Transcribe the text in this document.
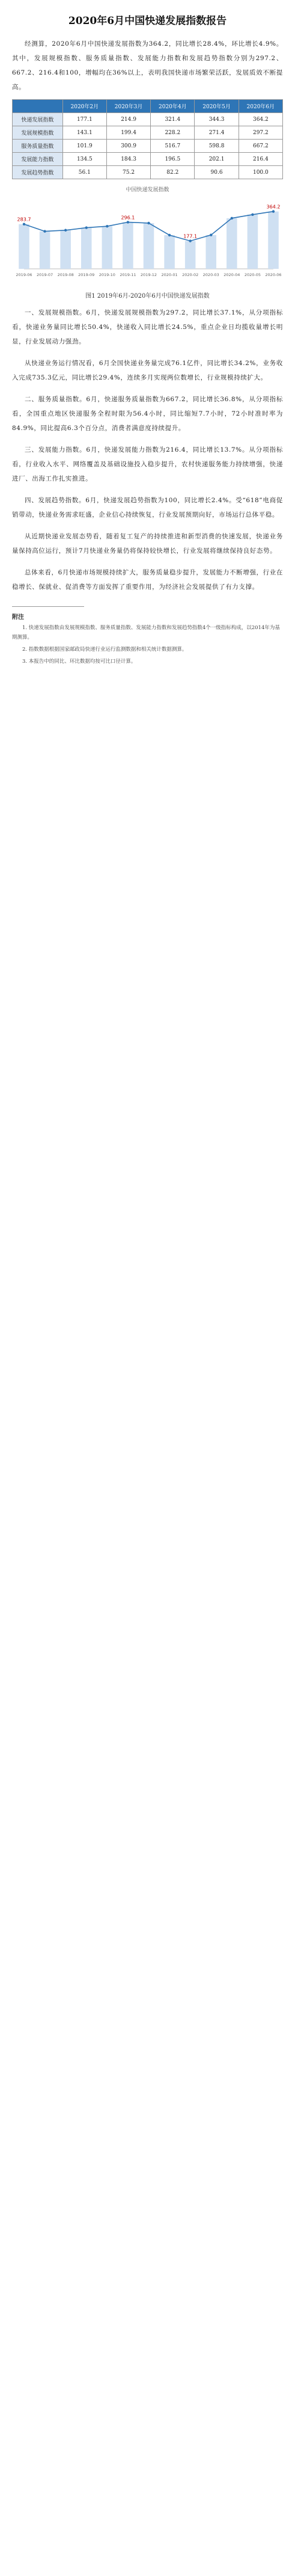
2020年6月中国快递发展指数报告

经测算，2020年6月中国快递发展指数为364.2，同比增长28.4%，环比增长4.9%。其中，发展规模指数、服务质量指数、发展能力指数和发展趋势指数分别为297.2、667.2、216.4和100，增幅均在36%以上，表明我国快递市场繁荣活跃，发展质效不断提高。

	2020年2月	2020年3月	2020年4月	2020年5月	2020年6月
快递发展指数	177.1	214.9	321.4	344.3	364.2
发展规模指数	143.1	199.4	228.2	271.4	297.2
服务质量指数	101.9	300.9	516.7	598.8	667.2
发展能力指数	134.5	184.3	196.5	202.1	216.4
发展趋势指数	56.1	75.2	82.2	90.6	100.0
中国快递发展指数
283.7	296.1
177.1
364.2
2019-06 2019-07 2019-08 2019-09 2019-10 2019-11 2019-12 2020-01 2020-02 2020-03 2020-04 2020-05 2020-06
图1 2019年6月-2020年6月中国快递发展指数

一、发展规模指数。6月，快递发展规模指数为297.2，同比增长37.1%，从分项指标看，快递业务量同比增长50.4%，快递收入同比增长24.5%，重点企业日均揽收量增长明显，行业发展动力强劲。

从快递业务运行情况看，6月全国快递业务量完成76.1亿件，同比增长34.2%，业务收入完成735.3亿元，同比增长29.4%，连续多月实现两位数增长，行业规模持续扩大。

二、服务质量指数。6月，快递服务质量指数为667.2，同比增长36.8%，从分项指标看，全国重点地区快递服务全程时限为56.4小时，同比缩短7.7小时，72小时准时率为84.9%，同比提高6.3个百分点，消费者满意度持续提升。

三、发展能力指数。6月，快递发展能力指数为216.4，同比增长13.7%。从分项指标看，行业收入水平、网络覆盖及基础设施投入稳步提升，农村快递服务能力持续增强，快递进厂、出海工作扎实推进。

四、发展趋势指数。6月，快递发展趋势指数为100，同比增长2.4%。受“618”电商促销带动，快递业务需求旺盛，企业信心持续恢复，行业发展预期向好，市场运行总体平稳。

从近期快递业发展态势看，随着复工复产的持续推进和新型消费的快速发展，快递业务量保持高位运行，预计7月快递业务量仍将保持较快增长，行业发展将继续保持良好态势。

总体来看，6月快递市场规模持续扩大，服务质量稳步提升，发展能力不断增强，行业在稳增长、保就业、促消费等方面发挥了重要作用，为经济社会发展提供了有力支撑。

附注

1. 快递发展指数由发展规模指数、服务质量指数、发展能力指数和发展趋势指数4个一级指标构成，以2014年为基期测算。

2. 指数数据根据国家邮政局快递行业运行监测数据和相关统计数据测算。

3. 本报告中的同比、环比数据均按可比口径计算。
